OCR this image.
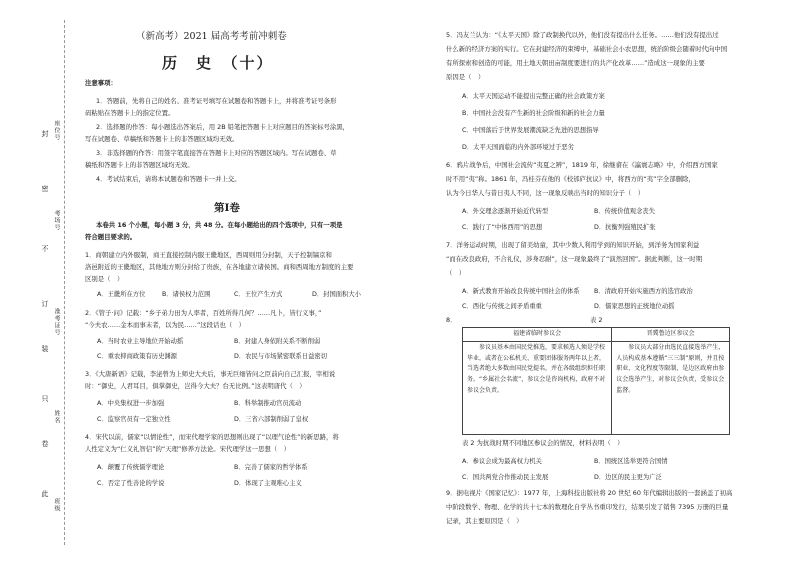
封
密
不
订
装
只
卷
此
座位号
考场号
准考证号
姓名
班级
（新高考）2021 届高考考前冲刺卷
历　史　（十）
注意事项：
1．答题前，先将自己的姓名、准考证号填写在试题卷和答题卡上，并将准考证号条形
码粘贴在答题卡上的指定位置。
2．选择题的作答：每小题选出答案后，用 2B 铅笔把答题卡上对应题目的答案标号涂黑，
写在试题卷、草稿纸和答题卡上的非答题区域均无效。
3．非选择题的作答：用签字笔直接答在答题卡上对应的答题区域内。写在试题卷、草
稿纸和答题卡上的非答题区域均无效。
4．考试结束后，请将本试题卷和答题卡一并上交。
第Ⅰ卷
本卷共 16 个小题，每小题 3 分，共 48 分。在每小题给出的四个选项中，只有一项是
符合题目要求的。
1．商朝建立内外服制，商王直接控制内服王畿地区，西周则用分封制，天子控制镐京和
洛邑附近的王畿地区，其他地方则分封给了贵族，在各地建立诸侯国。商和西周地方制度的主要
区别是（　）
A．王畿所在方位	B．诸侯权力范围	C．王位产生方式	D．封国面积大小
2．《管子·问》记载：“乡子弟力田为人率者，百姓所得几何？……凡卜，皆行义事，”
“今夫农……金本而事末者，以为民……”这段话也（　）
A．当时农业主导地位开始动摇	B．封建人身依附关系不断削弱
C．重农抑商政策有历史渊源	D．农民与市场紧密联系日益密切
3．《大唐新语》记载，李泌曾为上师史大夫后，事无巨细皆问之臣前向自己汇报，宰相说
时：“御史，人君耳目，俱掌御史，岂得今大夫？台无比例。”这表明唐代（　）
A．中央集权进一步加强	B．科举制推动官员流动
C．监察官员有一定独立性	D．三省六部制削弱了皇权
4．宋代以前，儒家“以情论性”，而宋代理学家的思想则出现了“以理气论性”的新思路，将
人性定义为“仁义礼智信”的“天理”修养方法论。宋代理学这一思想（　）
A．颠覆了传统儒学理论	B．完善了儒家的哲学体系
C．否定了性善论的学说	D．体现了主观唯心主义
5．冯友兰认为：“《太平天国》除了政制换代以外，他们没有提出什么任务。……他们没有提出过
什么新的经济方案的实行。它在封建经济的束缚中，基础社会小农思想，统治阶级会随着时代向中国
有所探索和创造的可能，用土地天朝田亩制度要进行的共产化改革……”造成这一现象的主要
原因是（　）
A．太平天国运动不能提出完整正确的社会政策方案
B．中国社会没有产生新的社会阶级和新的社会力量
C．中国落后于世界发展潮流缺乏先进的思想指导
D．太平天国面临的内外部环境过于恶劣
6．鸦片战争后，中国社会流传“夷夏之辨”，1819 年，徐继畲在《瀛寰志略》中，介绍西方国家
时不用“夷”称。1861 年，冯桂芬在他的《校邠庐抗议》中，将西方的“夷”字全部删除，
认为今日华人与昔日夷人不同，这一现象反映出当时的知识分子（　）
A．外交理念逐渐开始近代转型	B．传统价值观念丧失
C．践行了“中体西用”的思想	D．抗衡列强殖民扩张
7．洋务运动时期，出现了留美幼童，其中少数人利用学到的知识开始，到洋务为国家利益
“而在改良政府，不合礼仪，涉身忍耐”，这一现象最终了“演然回国”。据此判断，这一时期
（　）
A．新式教育开始改良传统中国社会的体系 B．清政府开始实施西方的选官政治
C．西化与传统之间矛盾重重	D．儒家思想的正统地位动摇
8．	表 2
福建省临时参议会	晋冀鲁边区参议会
参议员基本由国民党推选，要求候选人须是学校毕业，或者在公私机关、重要团体服务两年以上者，当选者绝大多数由国民党提名，并在各级组织担任职务。“乡属社会名流”，参议会是咨询机构，政府不对参议会负责。	参议员大部分由选民直接选举产生，人员构成基本遵循“三三制”原则，并且按职业、文化程度等限制，是边区政府由参议会选举产生，对参议会负责，受参议会监督。
表 2 为抗战时期不同地区参议会的情况，材料表明（　）
A．参议会成为最高权力机关	B．国统区选举更符合国情
C．国共两党合作推动民主发展	D．边区的民主更为广泛
9．据电视片《国家记忆》：1977 年，上海科技出版社将 20 世纪 60 年代编辑出版的一套涵盖了初高
中阶段数学、物理、化学的共十七本的数理化自学丛书重印发行，结果引发了销售 7395 万册的巨量
记录，其主要原因是（　）
